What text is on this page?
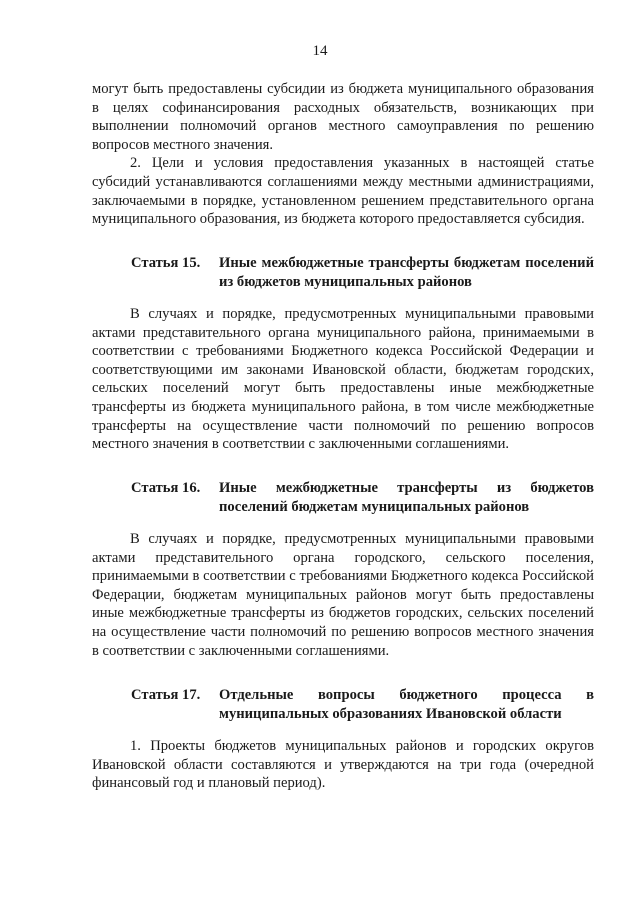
14

могут быть предоставлены субсидии из бюджета муниципального образования в целях софинансирования расходных обязательств, возникающих при выполнении полномочий органов местного самоуправления по решению вопросов местного значения.

2. Цели и условия предоставления указанных в настоящей статье субсидий устанавливаются соглашениями между местными администрациями, заключаемыми в порядке, установленном решением представительного органа муниципального образования, из бюджета которого предоставляется субсидия.

Статья 15.	Иные межбюджетные трансферты бюджетам поселений из бюджетов муниципальных районов

В случаях и порядке, предусмотренных муниципальными правовыми актами представительного органа муниципального района, принимаемыми в соответствии с требованиями Бюджетного кодекса Российской Федерации и соответствующими им законами Ивановской области, бюджетам городских, сельских поселений могут быть предоставлены иные межбюджетные трансферты из бюджета муниципального района, в том числе межбюджетные трансферты на осуществление части полномочий по решению вопросов местного значения в соответствии с заключенными соглашениями.

Статья 16.	Иные межбюджетные трансферты из бюджетов поселений бюджетам муниципальных районов

В случаях и порядке, предусмотренных муниципальными правовыми актами представительного органа городского, сельского поселения, принимаемыми в соответствии с требованиями Бюджетного кодекса Российской Федерации, бюджетам муниципальных районов могут быть предоставлены иные межбюджетные трансферты из бюджетов городских, сельских поселений на осуществление части полномочий по решению вопросов местного значения в соответствии с заключенными соглашениями.

Статья 17.	Отдельные вопросы бюджетного процесса в муниципальных образованиях Ивановской области

1. Проекты бюджетов муниципальных районов и городских округов Ивановской области составляются и утверждаются на три года (очередной финансовый год и плановый период).
